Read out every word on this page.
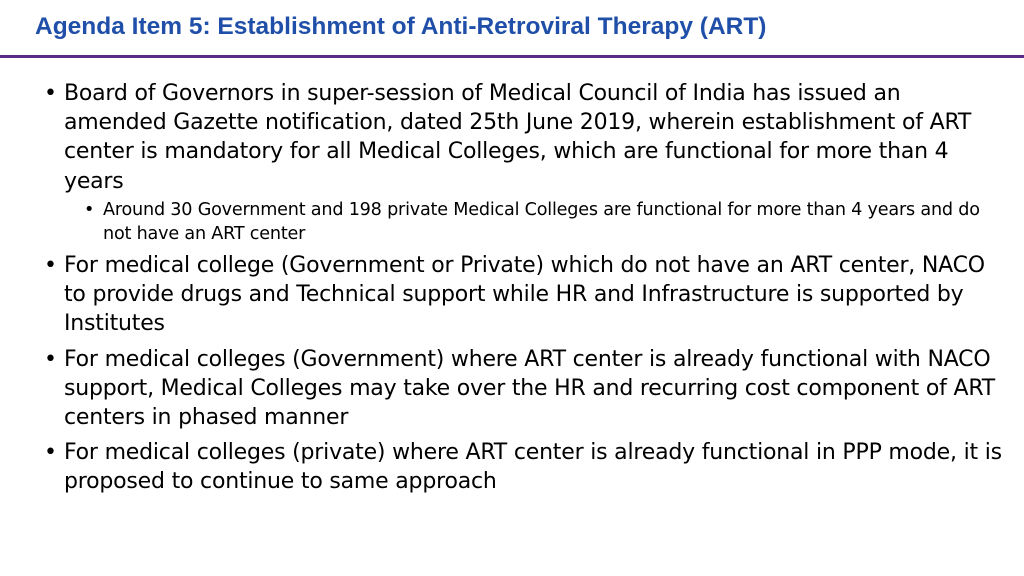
Agenda Item 5: Establishment of Anti-Retroviral Therapy (ART)
• Board of Governors in super-session of Medical Council of India has issued an amended Gazette notification, dated 25th June 2019, wherein establishment of ART center is mandatory for all Medical Colleges, which are functional for more than 4 years
• Around 30 Government and 198 private Medical Colleges are functional for more than 4 years and do not have an ART center
• For medical college (Government or Private) which do not have an ART center, NACO to provide drugs and Technical support while HR and Infrastructure is supported by Institutes
• For medical colleges (Government) where ART center is already functional with NACO support, Medical Colleges may take over the HR and recurring cost component of ART centers in phased manner
• For medical colleges (private) where ART center is already functional in PPP mode, it is proposed to continue to same approach
